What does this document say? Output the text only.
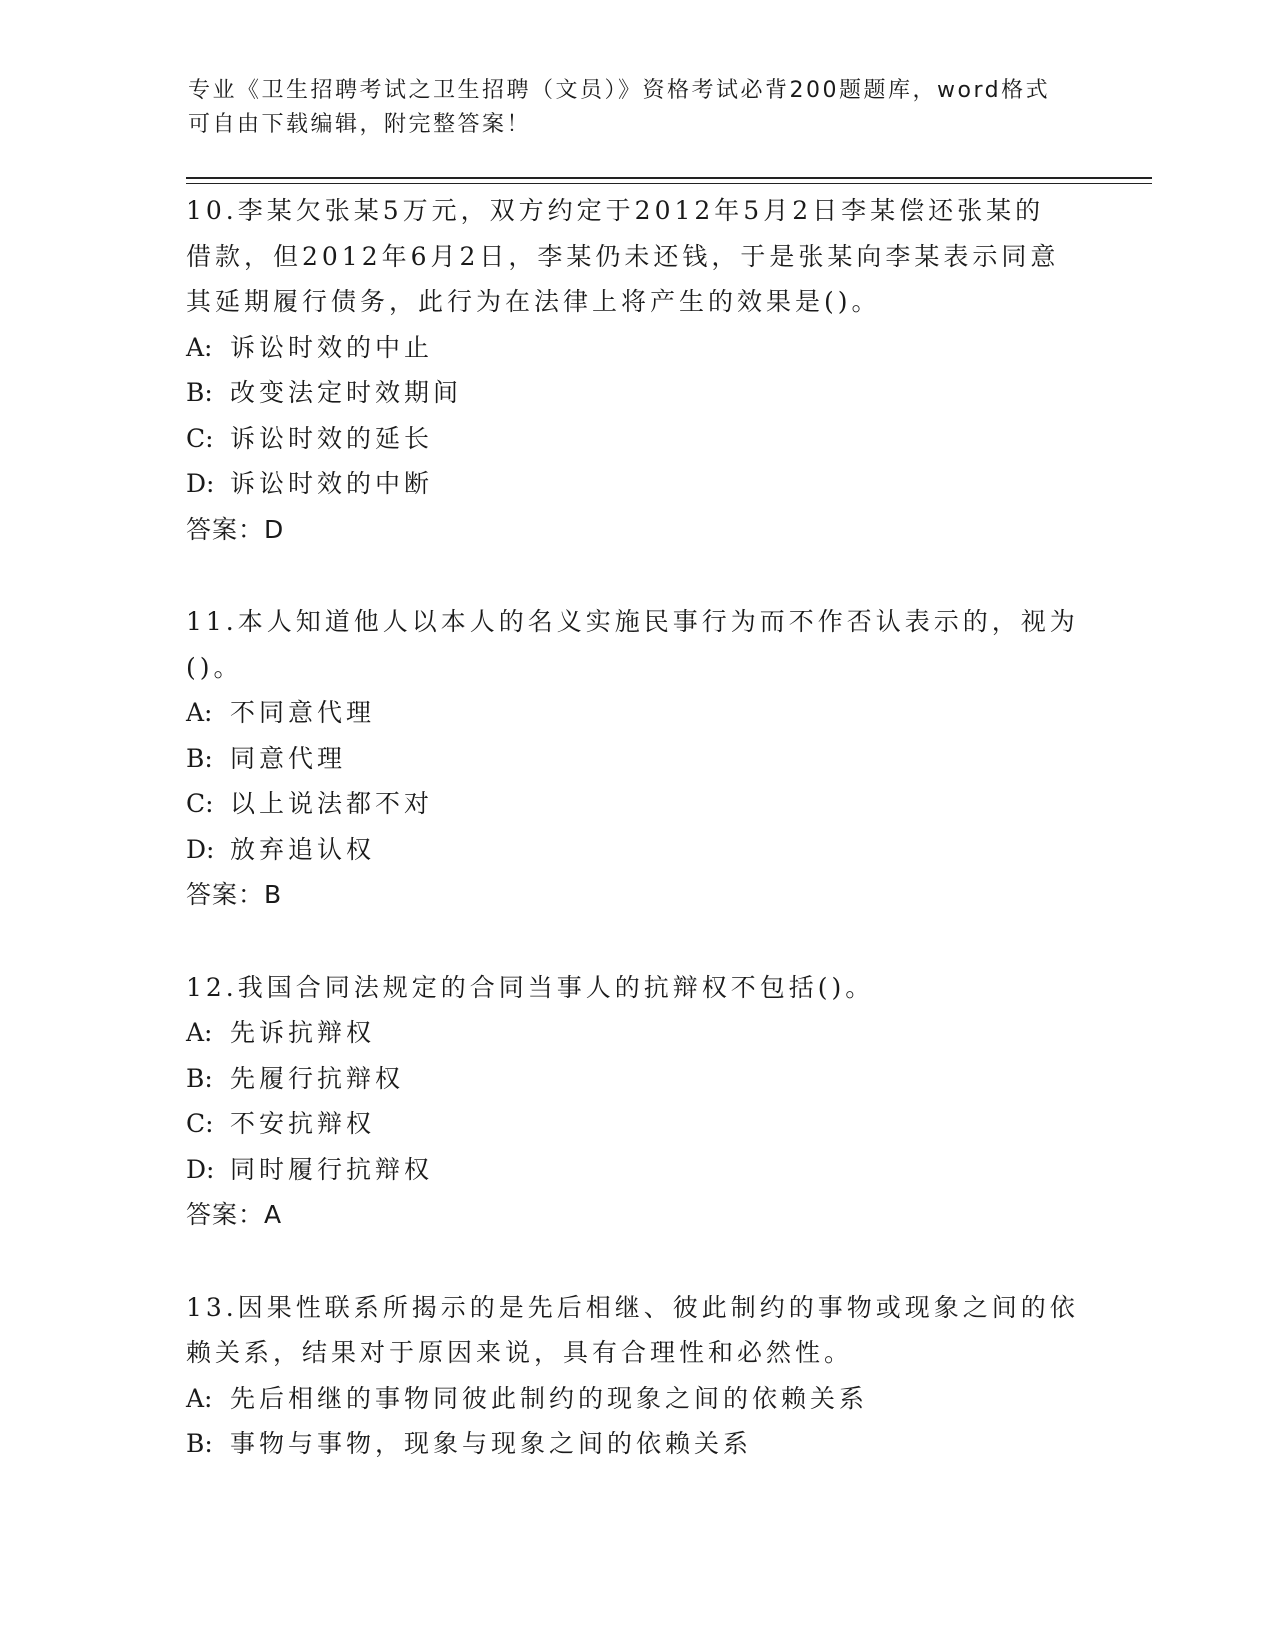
专业《卫生招聘考试之卫生招聘（文员）》资格考试必背200题题库，word格式
可自由下载编辑，附完整答案！
10.李某欠张某5万元，双方约定于2012年5月2日李某偿还张某的
借款，但2012年6月2日，李某仍未还钱，于是张某向李某表示同意
其延期履行债务，此行为在法律上将产生的效果是()。
A: 诉讼时效的中止
B: 改变法定时效期间
C: 诉讼时效的延长
D: 诉讼时效的中断
答案：D
11.本人知道他人以本人的名义实施民事行为而不作否认表示的，视为
()。
A: 不同意代理
B: 同意代理
C: 以上说法都不对
D: 放弃追认权
答案：B
12.我国合同法规定的合同当事人的抗辩权不包括()。
A: 先诉抗辩权
B: 先履行抗辩权
C: 不安抗辩权
D: 同时履行抗辩权
答案：A
13.因果性联系所揭示的是先后相继、彼此制约的事物或现象之间的依
赖关系，结果对于原因来说，具有合理性和必然性。
A: 先后相继的事物同彼此制约的现象之间的依赖关系
B: 事物与事物，现象与现象之间的依赖关系
